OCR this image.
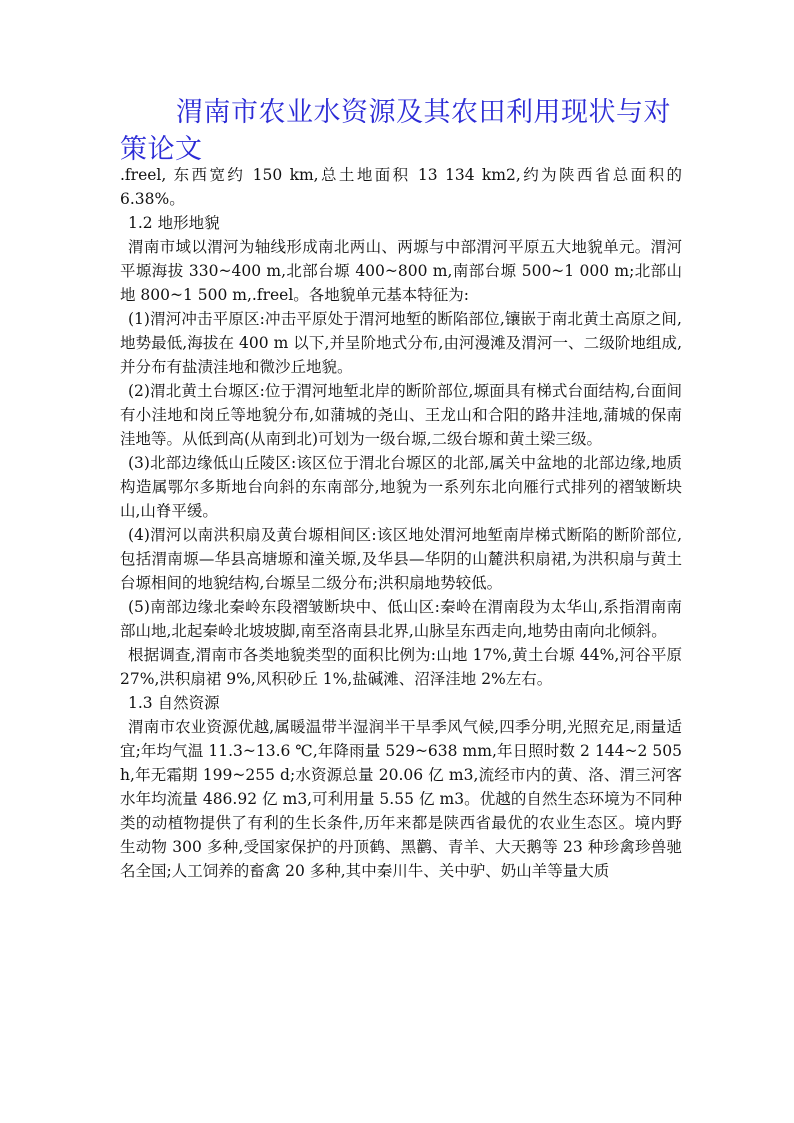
渭南市农业水资源及其农田利用现状与对策论文

.freel, 东西宽约 150 km,总土地面积 13 134 km2,约为陕西省总面积的 6.38%。

1.2 地形地貌

渭南市域以渭河为轴线形成南北两山、两塬与中部渭河平原五大地貌单元。渭河平塬海拔 330~400 m,北部台塬 400~800 m,南部台塬 500~1 000 m;北部山地 800~1 500 m,.freel。各地貌单元基本特征为:

(1)渭河冲击平原区:冲击平原处于渭河地堑的断陷部位,镶嵌于南北黄土高原之间,地势最低,海拔在 400 m 以下,并呈阶地式分布,由河漫滩及渭河一、二级阶地组成,并分布有盐渍洼地和微沙丘地貌。

(2)渭北黄土台塬区:位于渭河地堑北岸的断阶部位,塬面具有梯式台面结构,台面间有小洼地和岗丘等地貌分布,如蒲城的尧山、王龙山和合阳的路井洼地,蒲城的保南洼地等。从低到高(从南到北)可划为一级台塬,二级台塬和黄土梁三级。

(3)北部边缘低山丘陵区:该区位于渭北台塬区的北部,属关中盆地的北部边缘,地质构造属鄂尔多斯地台向斜的东南部分,地貌为一系列东北向雁行式排列的褶皱断块山,山脊平缓。

(4)渭河以南洪积扇及黄台塬相间区:该区地处渭河地堑南岸梯式断陷的断阶部位,包括渭南塬—华县高塘塬和潼关塬,及华县—华阴的山麓洪积扇裙,为洪积扇与黄土台塬相间的地貌结构,台塬呈二级分布;洪积扇地势较低。

(5)南部边缘北秦岭东段褶皱断块中、低山区:秦岭在渭南段为太华山,系指渭南南部山地,北起秦岭北坡坡脚,南至洛南县北界,山脉呈东西走向,地势由南向北倾斜。

根据调查,渭南市各类地貌类型的面积比例为:山地 17%,黄土台塬 44%,河谷平原 27%,洪积扇裙 9%,风积砂丘 1%,盐碱滩、沼泽洼地 2%左右。

1.3 自然资源

渭南市农业资源优越,属暖温带半湿润半干旱季风气候,四季分明,光照充足,雨量适宜;年均气温 11.3~13.6 ℃,年降雨量 529~638 mm,年日照时数 2 144~2 505 h,年无霜期 199~255 d;水资源总量 20.06 亿 m3,流经市内的黄、洛、渭三河客水年均流量 486.92 亿 m3,可利用量 5.55 亿 m3。优越的自然生态环境为不同种类的动植物提供了有利的生长条件,历年来都是陕西省最优的农业生态区。境内野生动物 300 多种,受国家保护的丹顶鹤、黑鹳、青羊、大天鹅等 23 种珍禽珍兽驰名全国;人工饲养的畜禽 20 多种,其中秦川牛、关中驴、奶山羊等量大质
